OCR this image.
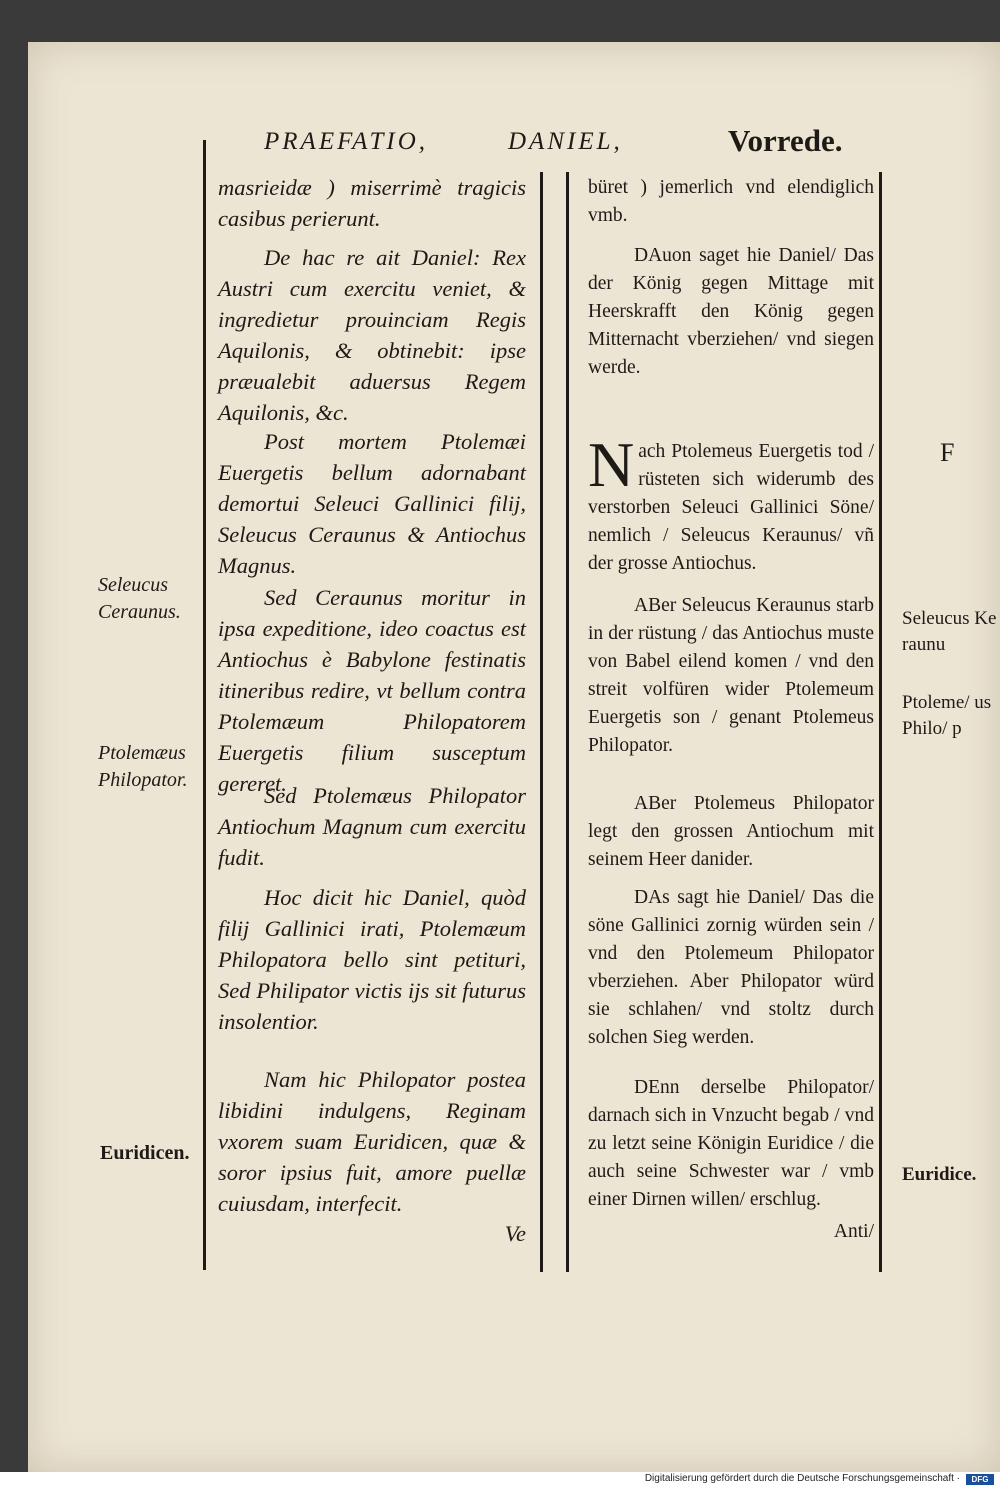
PRAEFATIO,	DANIEL,	Vorrede.

masrieidæ ) miserrimè tragicis casibus perierunt.

De hac re ait Daniel: Rex Austri cum exercitu veniet, & ingredietur prouinciam Regis Aquilonis, & obtinebit: ipse præualebit aduersus Regem Aquilonis, &c.

Post mortem Ptolemæi Euergetis bellum adornabant demortui Seleuci Gallinici filij, Seleucus Ceraunus & Antiochus Magnus.

Sed Ceraunus moritur in ipsa expeditione, ideo coactus est Antiochus è Babylone festinatis itineribus redire, vt bellum contra Ptolemæum Philopatorem Euergetis filium susceptum gereret.

Sed Ptolemæus Philopator Antiochum Magnum cum exercitu fudit.

Hoc dicit hic Daniel, quòd filij Gallinici irati, Ptolemæum Philopatora bello sint petituri, Sed Philipator victis ijs sit futurus insolentior.

Nam hic Philopator postea libidini indulgens, Reginam vxorem suam Euridicen, quæ & soror ipsius fuit, amore puellæ cuiusdam, interfecit.

Ve

büret ) jemerlich vnd elendiglich vmb.

DAuon saget hie Daniel/ Das der König gegen Mittage mit Heerskrafft den König gegen Mitternacht vberziehen/ vnd siegen werde.

N ach Ptolemeus Euergetis tod / rüsteten sich widerumb des verstorben Seleuci Gallinici Söne/ nemlich / Seleucus Keraunus/ vñ der grosse Antiochus.

ABer Seleucus Keraunus starb in der rüstung / das Antiochus muste von Babel eilend komen / vnd den streit volfüren wider Ptolemeum Euergetis son / genant Ptolemeus Philopator.

ABer Ptolemeus Philopator legt den grossen Antiochum mit seinem Heer danider.

DAs sagt hie Daniel/ Das die söne Gallinici zornig würden sein / vnd den Ptolemeum Philopator vberziehen. Aber Philopator würd sie schlahen/ vnd stoltz durch solchen Sieg werden.

DEnn derselbe Philopator/ darnach sich in Vnzucht begab / vnd zu letzt seine Königin Euridice / die auch seine Schwester war / vmb einer Dirnen willen/ erschlug.

Anti/
Seleucus Ceraunus.
Ptolemæus Philopator.
Euridicen.
F
Seleucus Keraunu
Ptoleme/ us Philo/ p
Euridice.
Digitalisierung gefördert durch die Deutsche Forschungsgemeinschaft ·	DFG
